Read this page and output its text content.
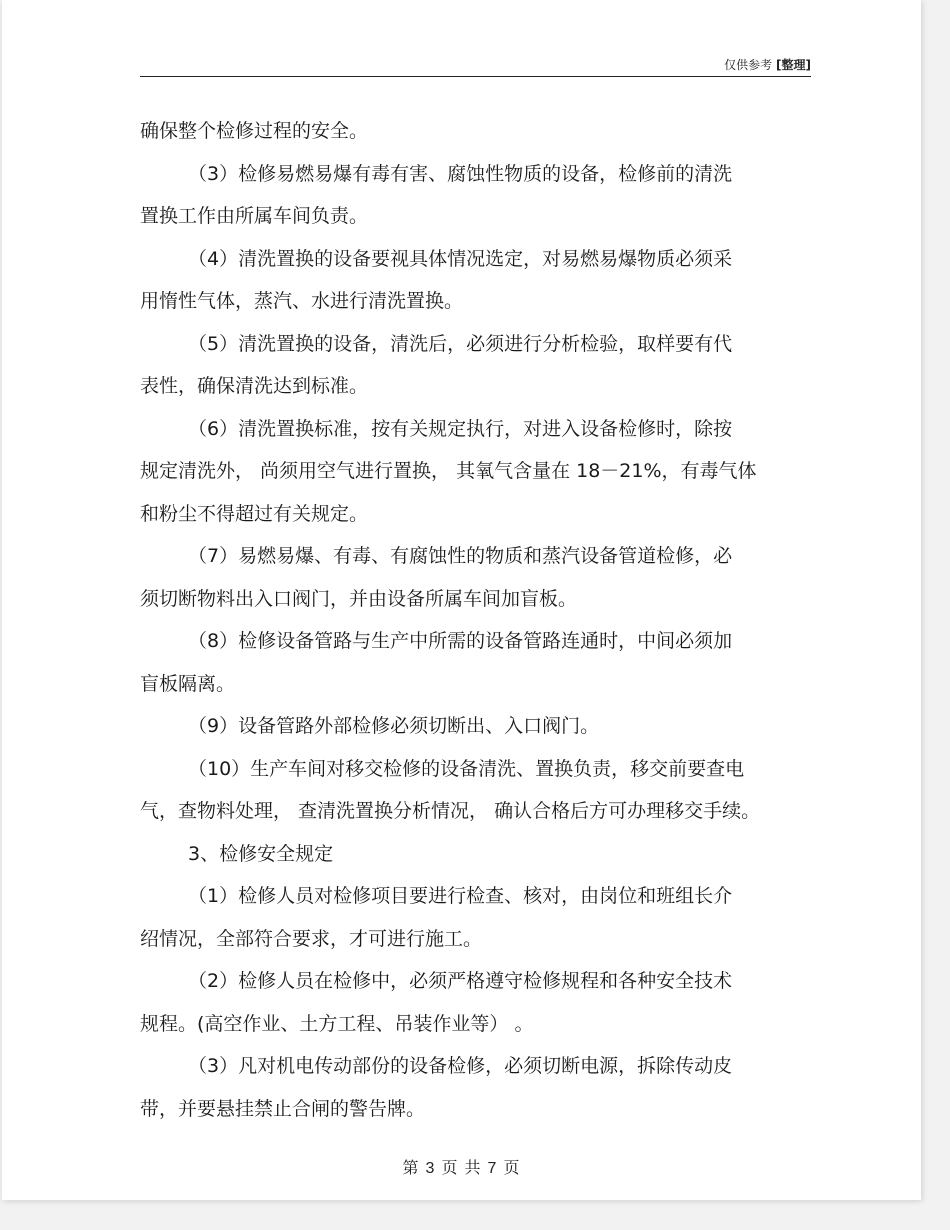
仅供参考 [整理]

确保整个检修过程的安全。

（3）检修易燃易爆有毒有害、腐蚀性物质的设备，检修前的清洗

置换工作由所属车间负责。

（4）清洗置换的设备要视具体情况选定，对易燃易爆物质必须采

用惰性气体，蒸汽、水进行清洗置换。

（5）清洗置换的设备，清洗后，必须进行分析检验，取样要有代

表性，确保清洗达到标准。

（6）清洗置换标准，按有关规定执行，对进入设备检修时，除按

规定清洗外， 尚须用空气进行置换， 其氧气含量在 18－21%，有毒气体

和粉尘不得超过有关规定。

（7）易燃易爆、有毒、有腐蚀性的物质和蒸汽设备管道检修，必

须切断物料出入口阀门，并由设备所属车间加盲板。

（8）检修设备管路与生产中所需的设备管路连通时，中间必须加

盲板隔离。

（9）设备管路外部检修必须切断出、入口阀门。

（10）生产车间对移交检修的设备清洗、置换负责，移交前要查电

气，查物料处理， 查清洗置换分析情况， 确认合格后方可办理移交手续。

3、检修安全规定

（1）检修人员对检修项目要进行检查、核对，由岗位和班组长介

绍情况，全部符合要求，才可进行施工。

（2）检修人员在检修中，必须严格遵守检修规程和各种安全技术

规程。(高空作业、土方工程、吊装作业等） 。

（3）凡对机电传动部份的设备检修，必须切断电源，拆除传动皮

带，并要悬挂禁止合闸的警告牌。

第 3 页 共 7 页
